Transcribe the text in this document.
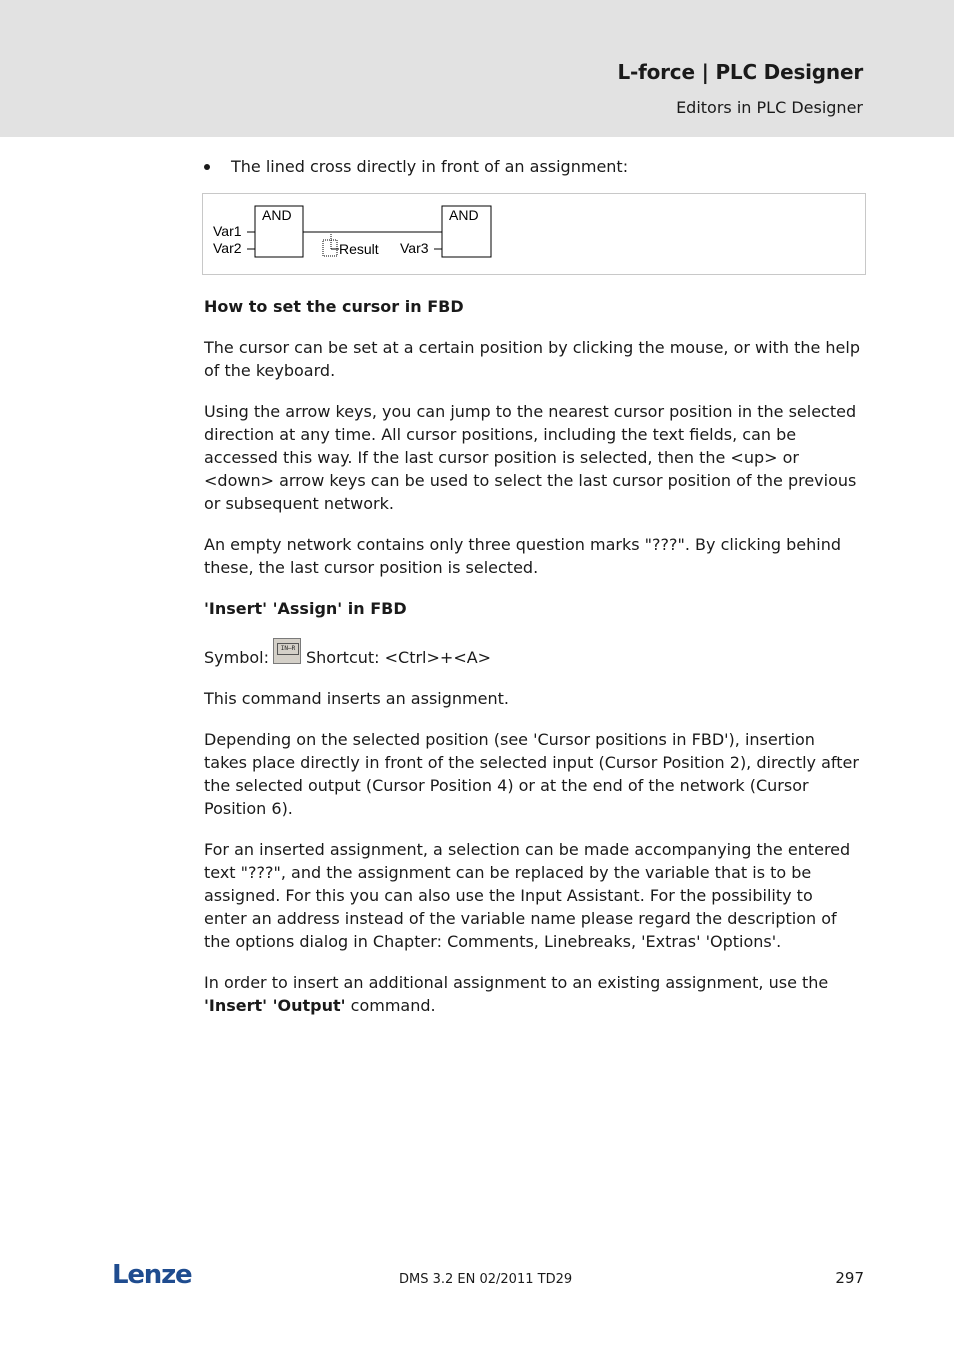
L-force | PLC Designer
Editors in PLC Designer
The lined cross directly in front of an assignment:
AND
Var1
Var2	Result Var3
AND
How to set the cursor in FBD

The cursor can be set at a certain position by clicking the mouse, or with the help of the keyboard.

Using the arrow keys, you can jump to the nearest cursor position in the selected direction at any time. All cursor positions, including the text fields, can be accessed this way. If the last cursor position is selected, then the <up> or <down> arrow keys can be used to select the last cursor position of the previous or subsequent network.

An empty network contains only three question marks "???". By clicking behind these, the last cursor position is selected.

'Insert' 'Assign' in FBD
Symbol:	IN—R Shortcut: <Ctrl>+<A>

This command inserts an assignment.

Depending on the selected position (see 'Cursor positions in FBD'), insertion takes place directly in front of the selected input (Cursor Position 2), directly after the selected output (Cursor Position 4) or at the end of the network (Cursor Position 6).

For an inserted assignment, a selection can be made accompanying the entered text "???", and the assignment can be replaced by the variable that is to be assigned. For this you can also use the Input Assistant. For the possibility to enter an address instead of the variable name please regard the description of the options dialog in Chapter: Comments, Linebreaks, 'Extras' 'Options'.

In order to insert an additional assignment to an existing assignment, use the 'Insert' 'Output' command.

Lenze	DMS 3.2 EN 02/2011 TD29	297
